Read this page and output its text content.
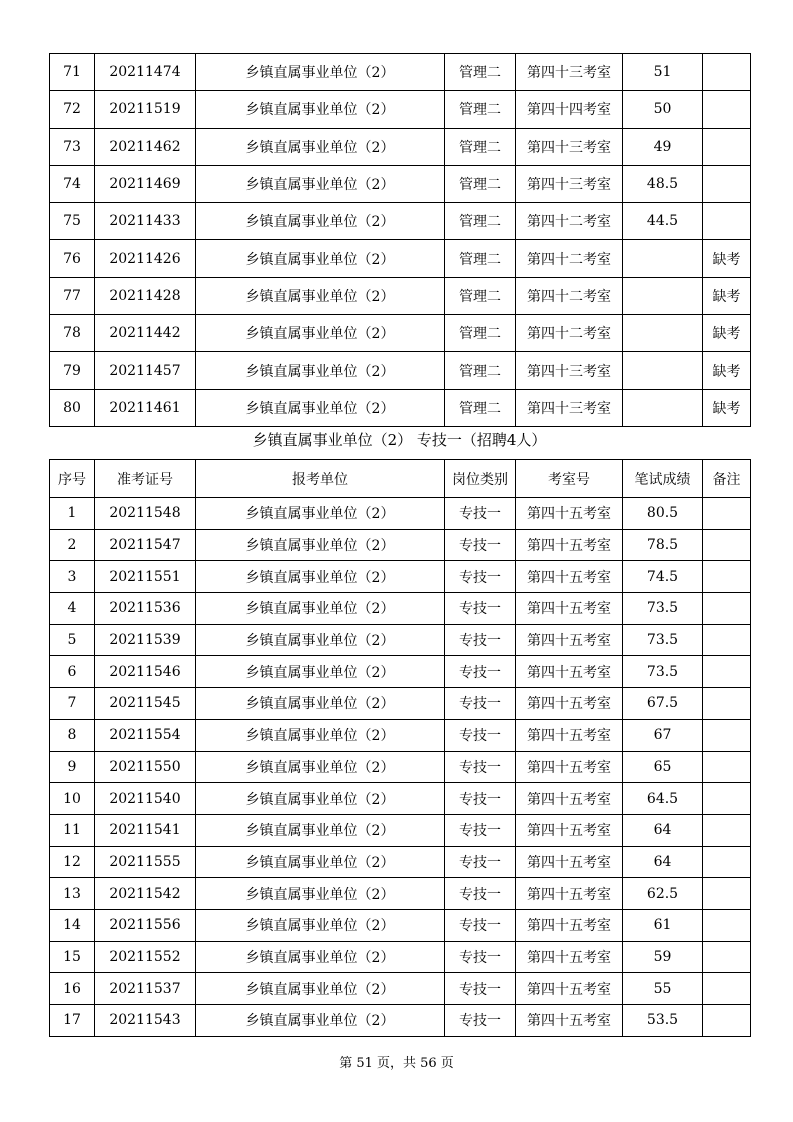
71	20211474	乡镇直属事业单位（2）	管理二	第四十三考室	51	
72	20211519	乡镇直属事业单位（2）	管理二	第四十四考室	50	
73	20211462	乡镇直属事业单位（2）	管理二	第四十三考室	49	
74	20211469	乡镇直属事业单位（2）	管理二	第四十三考室	48.5	
75	20211433	乡镇直属事业单位（2）	管理二	第四十二考室	44.5	
76	20211426	乡镇直属事业单位（2）	管理二	第四十二考室		缺考
77	20211428	乡镇直属事业单位（2）	管理二	第四十二考室		缺考
78	20211442	乡镇直属事业单位（2）	管理二	第四十二考室		缺考
79	20211457	乡镇直属事业单位（2）	管理二	第四十三考室		缺考
80	20211461	乡镇直属事业单位（2）	管理二	第四十三考室		缺考
乡镇直属事业单位（2） 专技一（招聘4人）
序号	准考证号	报考单位	岗位类别	考室号	笔试成绩	备注
1	20211548	乡镇直属事业单位（2）	专技一	第四十五考室	80.5	
2	20211547	乡镇直属事业单位（2）	专技一	第四十五考室	78.5	
3	20211551	乡镇直属事业单位（2）	专技一	第四十五考室	74.5	
4	20211536	乡镇直属事业单位（2）	专技一	第四十五考室	73.5	
5	20211539	乡镇直属事业单位（2）	专技一	第四十五考室	73.5	
6	20211546	乡镇直属事业单位（2）	专技一	第四十五考室	73.5	
7	20211545	乡镇直属事业单位（2）	专技一	第四十五考室	67.5	
8	20211554	乡镇直属事业单位（2）	专技一	第四十五考室	67	
9	20211550	乡镇直属事业单位（2）	专技一	第四十五考室	65	
10	20211540	乡镇直属事业单位（2）	专技一	第四十五考室	64.5	
11	20211541	乡镇直属事业单位（2）	专技一	第四十五考室	64	
12	20211555	乡镇直属事业单位（2）	专技一	第四十五考室	64	
13	20211542	乡镇直属事业单位（2）	专技一	第四十五考室	62.5	
14	20211556	乡镇直属事业单位（2）	专技一	第四十五考室	61	
15	20211552	乡镇直属事业单位（2）	专技一	第四十五考室	59	
16	20211537	乡镇直属事业单位（2）	专技一	第四十五考室	55	
17	20211543	乡镇直属事业单位（2）	专技一	第四十五考室	53.5	
第 51 页，共 56 页
